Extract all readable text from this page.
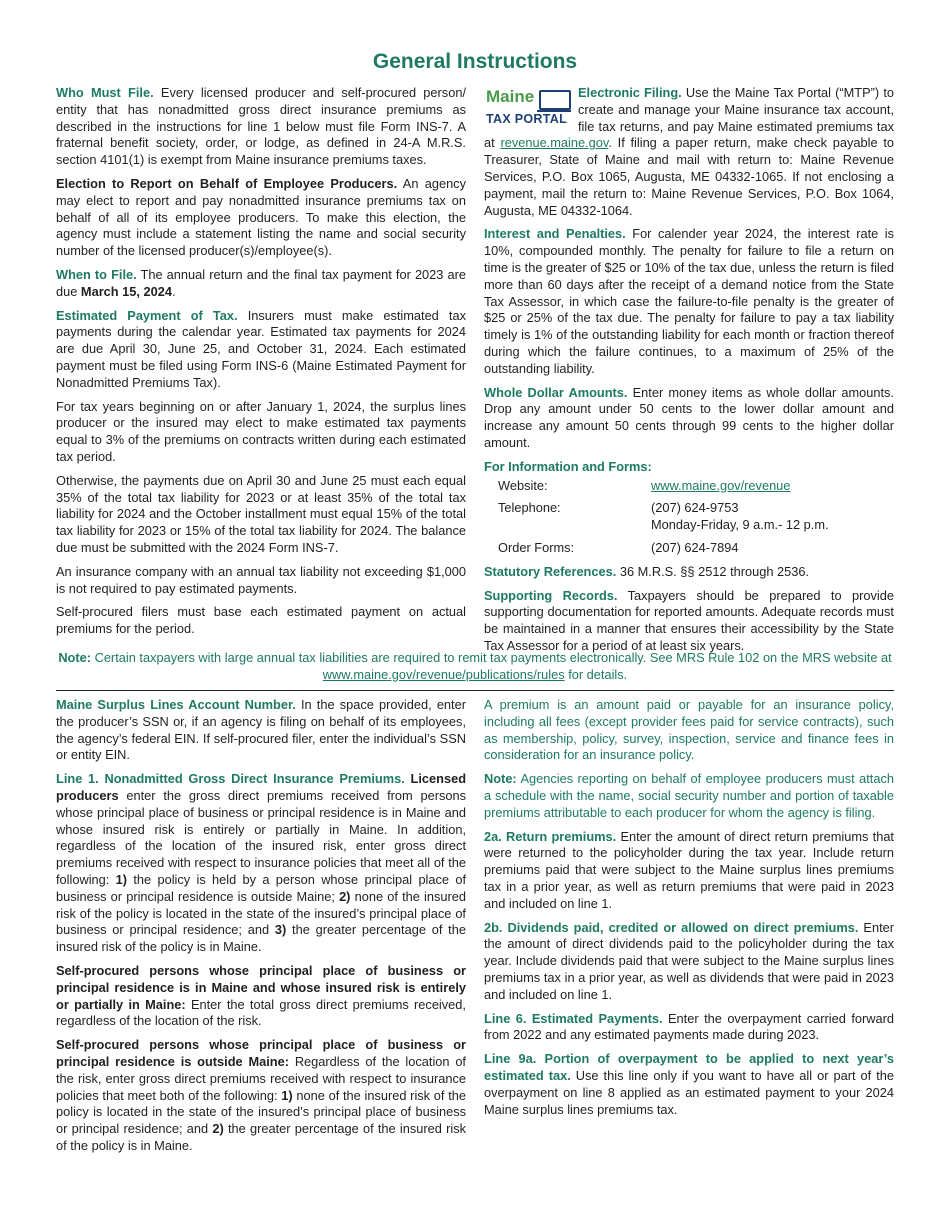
General Instructions

Who Must File. Every licensed producer and self-procured person/ entity that has nonadmitted gross direct insurance premiums as described in the instructions for line 1 below must file Form INS-7. A fraternal benefit society, order, or lodge, as defined in 24-A M.R.S. section 4101(1) is exempt from Maine insurance premiums taxes.

Election to Report on Behalf of Employee Producers. An agency may elect to report and pay nonadmitted insurance premiums tax on behalf of all of its employee producers. To make this election, the agency must include a statement listing the name and social security number of the licensed producer(s)/employee(s).

When to File. The annual return and the final tax payment for 2023 are due March 15, 2024.

Estimated Payment of Tax. Insurers must make estimated tax payments during the calendar year. Estimated tax payments for 2024 are due April 30, June 25, and October 31, 2024. Each estimated payment must be filed using Form INS-6 (Maine Estimated Payment for Nonadmitted Premiums Tax).

For tax years beginning on or after January 1, 2024, the surplus lines producer or the insured may elect to make estimated tax payments equal to 3% of the premiums on contracts written during each estimated tax period.

Otherwise, the payments due on April 30 and June 25 must each equal 35% of the total tax liability for 2023 or at least 35% of the total tax liability for 2024 and the October installment must equal 15% of the total tax liability for 2023 or 15% of the total tax liability for 2024. The balance due must be submitted with the 2024 Form INS-7.

An insurance company with an annual tax liability not exceeding $1,000 is not required to pay estimated payments.

Self-procured filers must base each estimated payment on actual premiums for the period.

Maine
TAX PORTAL
Electronic Filing. Use the Maine Tax Portal (“MTP”) to create and manage your Maine insurance tax account, file tax returns, and pay Maine estimated premiums tax at revenue.maine.gov. If filing a paper return, make check payable to Treasurer, State of Maine and mail with return to: Maine Revenue Services, P.O. Box 1065, Augusta, ME 04332-1065. If not enclosing a payment, mail the return to: Maine Revenue Services, P.O. Box 1064, Augusta, ME 04332-1064.

Interest and Penalties. For calender year 2024, the interest rate is 10%, compounded monthly. The penalty for failure to file a return on time is the greater of $25 or 10% of the tax due, unless the return is filed more than 60 days after the receipt of a demand notice from the State Tax Assessor, in which case the failure-to-file penalty is the greater of $25 or 25% of the tax due. The penalty for failure to pay a tax liability timely is 1% of the outstanding liability for each month or fraction thereof during which the failure continues, to a maximum of 25% of the outstanding liability.

Whole Dollar Amounts. Enter money items as whole dollar amounts. Drop any amount under 50 cents to the lower dollar amount and increase any amount 50 cents through 99 cents to the higher dollar amount.

For Information and Forms:

Website:	www.maine.gov/revenue
Telephone:	(207) 624-9753
Monday-Friday, 9 a.m.- 12 p.m.
Order Forms:	(207) 624-7894

Statutory References. 36 M.R.S. §§ 2512 through 2536.

Supporting Records. Taxpayers should be prepared to provide supporting documentation for reported amounts. Adequate records must be maintained in a manner that ensures their accessibility by the State Tax Assessor for a period of at least six years.

Note: Certain taxpayers with large annual tax liabilities are required to remit tax payments electronically. See MRS Rule 102 on the MRS website at www.maine.gov/revenue/publications/rules for details.

Maine Surplus Lines Account Number. In the space provided, enter the producer’s SSN or, if an agency is filing on behalf of its employees, the agency’s federal EIN. If self-procured filer, enter the individual’s SSN or entity EIN.

Line 1. Nonadmitted Gross Direct Insurance Premiums. Licensed producers enter the gross direct premiums received from persons whose principal place of business or principal residence is in Maine and whose insured risk is entirely or partially in Maine. In addition, regardless of the location of the insured risk, enter gross direct premiums received with respect to insurance policies that meet all of the following: 1) the policy is held by a person whose principal place of business or principal residence is outside Maine; 2) none of the insured risk of the policy is located in the state of the insured’s principal place of business or principal residence; and 3) the greater percentage of the insured risk of the policy is in Maine.

Self-procured persons whose principal place of business or principal residence is in Maine and whose insured risk is entirely or partially in Maine: Enter the total gross direct premiums received, regardless of the location of the risk.

Self-procured persons whose principal place of business or principal residence is outside Maine: Regardless of the location of the risk, enter gross direct premiums received with respect to insurance policies that meet both of the following: 1) none of the insured risk of the policy is located in the state of the insured’s principal place of business or principal residence; and 2) the greater percentage of the insured risk of the policy is in Maine.

A premium is an amount paid or payable for an insurance policy, including all fees (except provider fees paid for service contracts), such as membership, policy, survey, inspection, service and finance fees in consideration for an insurance policy.

Note: Agencies reporting on behalf of employee producers must attach a schedule with the name, social security number and portion of taxable premiums attributable to each producer for whom the agency is filing.

2a. Return premiums. Enter the amount of direct return premiums that were returned to the policyholder during the tax year. Include return premiums paid that were subject to the Maine surplus lines premiums tax in a prior year, as well as return premiums that were paid in 2023 and included on line 1.

2b. Dividends paid, credited or allowed on direct premiums. Enter the amount of direct dividends paid to the policyholder during the tax year. Include dividends paid that were subject to the Maine surplus lines premiums tax in a prior year, as well as dividends that were paid in 2023 and included on line 1.

Line 6. Estimated Payments. Enter the overpayment carried forward from 2022 and any estimated payments made during 2023.

Line 9a. Portion of overpayment to be applied to next year’s estimated tax. Use this line only if you want to have all or part of the overpayment on line 8 applied as an estimated payment to your 2024 Maine surplus lines premiums tax.
